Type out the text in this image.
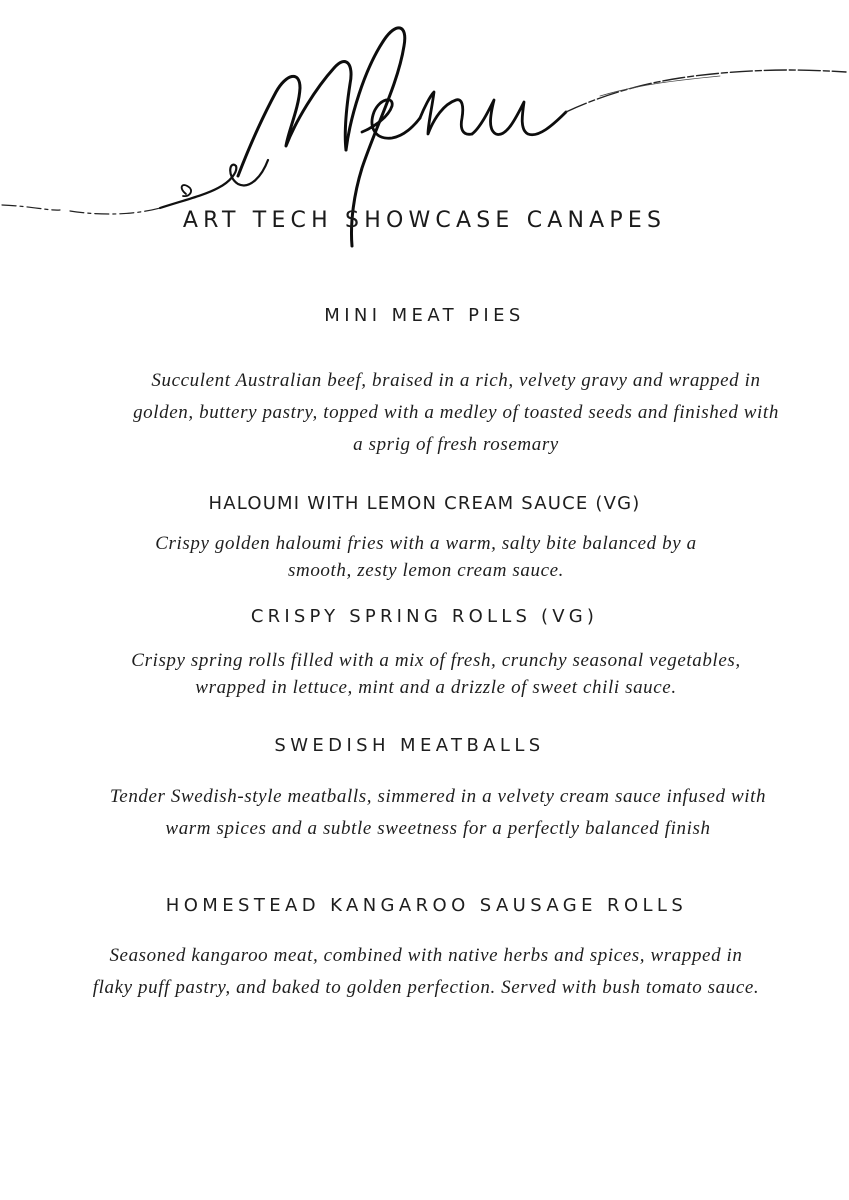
ART TECH SHOWCASE CANAPES
MINI MEAT PIES

Succulent Australian beef, braised in a rich, velvety gravy and wrapped in golden, buttery pastry, topped with a medley of toasted seeds and finished with a sprig of fresh rosemary

HALOUMI WITH LEMON CREAM SAUCE (VG)

Crispy golden haloumi fries with a warm, salty bite balanced by a smooth, zesty lemon cream sauce.

CRISPY SPRING ROLLS (VG)

Crispy spring rolls filled with a mix of fresh, crunchy seasonal vegetables, wrapped in lettuce, mint and a drizzle of sweet chili sauce.

SWEDISH MEATBALLS

Tender Swedish-style meatballs, simmered in a velvety cream sauce infused with warm spices and a subtle sweetness for a perfectly balanced finish

HOMESTEAD KANGAROO SAUSAGE ROLLS

Seasoned kangaroo meat, combined with native herbs and spices, wrapped in flaky puff pastry, and baked to golden perfection. Served with bush tomato sauce.
